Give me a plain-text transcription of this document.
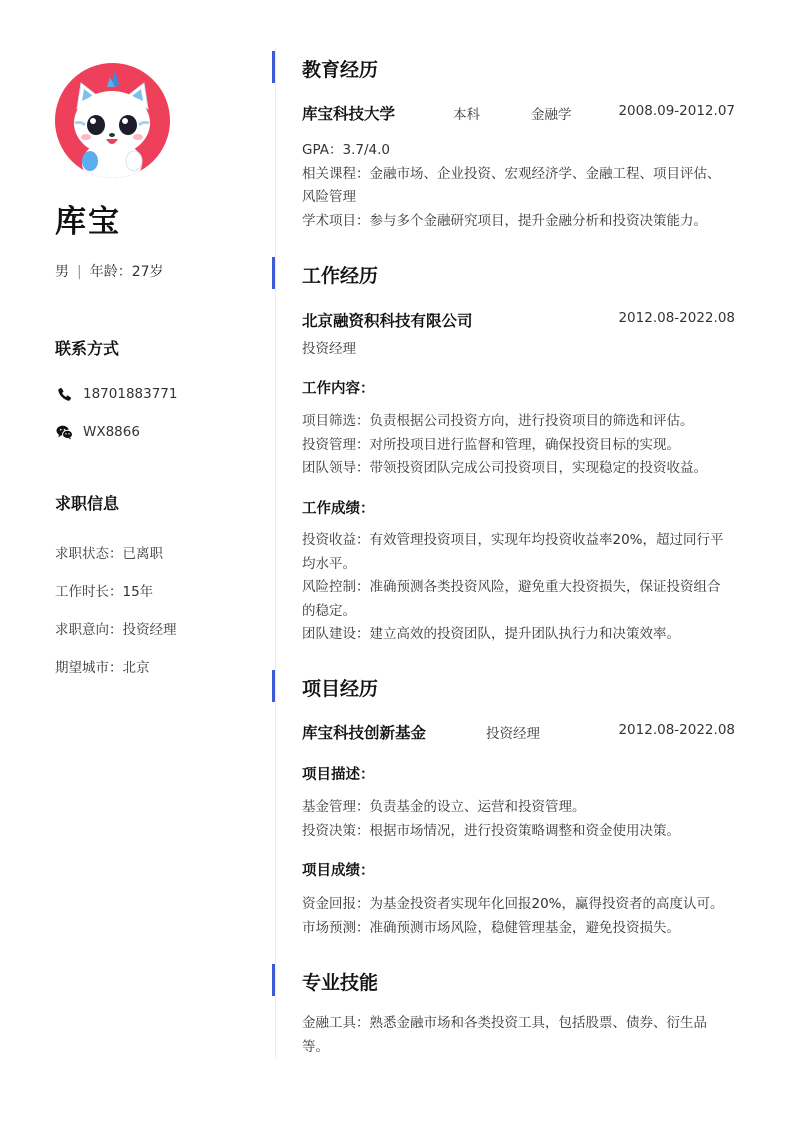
库宝
男 | 年龄：27岁
联系方式
18701883771
WX8866
求职信息
求职状态：已离职
工作时长：15年
求职意向：投资经理
期望城市：北京
教育经历
库宝科技大学	本科	金融学	2008.09-2012.07
GPA：3.7/4.0
相关课程：金融市场、企业投资、宏观经济学、金融工程、项目评估、
风险管理
学术项目：参与多个金融研究项目，提升金融分析和投资决策能力。
工作经历
北京融资积科技有限公司	2012.08-2022.08
投资经理
工作内容：
项目筛选：负责根据公司投资方向，进行投资项目的筛选和评估。
投资管理：对所投项目进行监督和管理，确保投资目标的实现。
团队领导：带领投资团队完成公司投资项目，实现稳定的投资收益。
工作成绩：
投资收益：有效管理投资项目，实现年均投资收益率20%，超过同行平
均水平。
风险控制：准确预测各类投资风险，避免重大投资损失，保证投资组合
的稳定。
团队建设：建立高效的投资团队，提升团队执行力和决策效率。
项目经历
库宝科技创新基金	投资经理	2012.08-2022.08
项目描述：
基金管理：负责基金的设立、运营和投资管理。
投资决策：根据市场情况，进行投资策略调整和资金使用决策。
项目成绩：
资金回报：为基金投资者实现年化回报20%，赢得投资者的高度认可。
市场预测：准确预测市场风险，稳健管理基金，避免投资损失。
专业技能
金融工具：熟悉金融市场和各类投资工具，包括股票、债券、衍生品
等。
